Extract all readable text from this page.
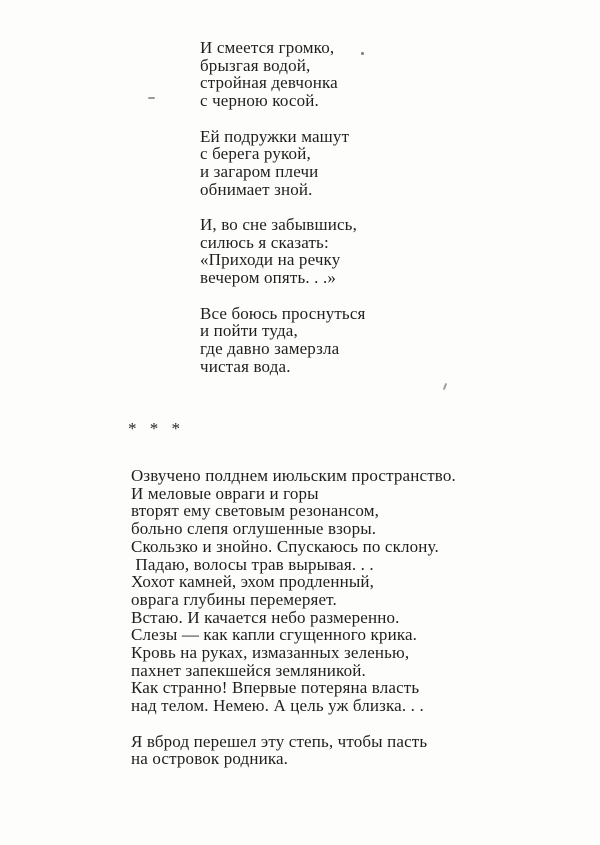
И смеется громко,
брызгая водой,
стройная девчонка
с черною косой.
Ей подружки машут
с берега рукой,
и загаром плечи
обнимает зной.
И, во сне забывшись,
силюсь я сказать:
«Приходи на речку
вечером опять. . .»
Все боюсь проснуться
и пойти туда,
где давно замерзла
чистая вода.
* * *
Озвучено полднем июльским пространство.
И меловые овраги и горы
вторят ему световым резонансом,
больно слепя оглушенные взоры.
Скользко и знойно. Спускаюсь по склону.
Падаю, волосы трав вырывая. . .
Хохот камней, эхом продленный,
оврага глубины перемеряет.
Встаю. И качается небо размеренно.
Слезы — как капли сгущенного крика.
Кровь на руках, измазанных зеленью,
пахнет запекшейся земляникой.
Как странно! Впервые потеряна власть
над телом. Немею. А цель уж близка. . .
Я вброд перешел эту степь, чтобы пасть
на островок родника.
